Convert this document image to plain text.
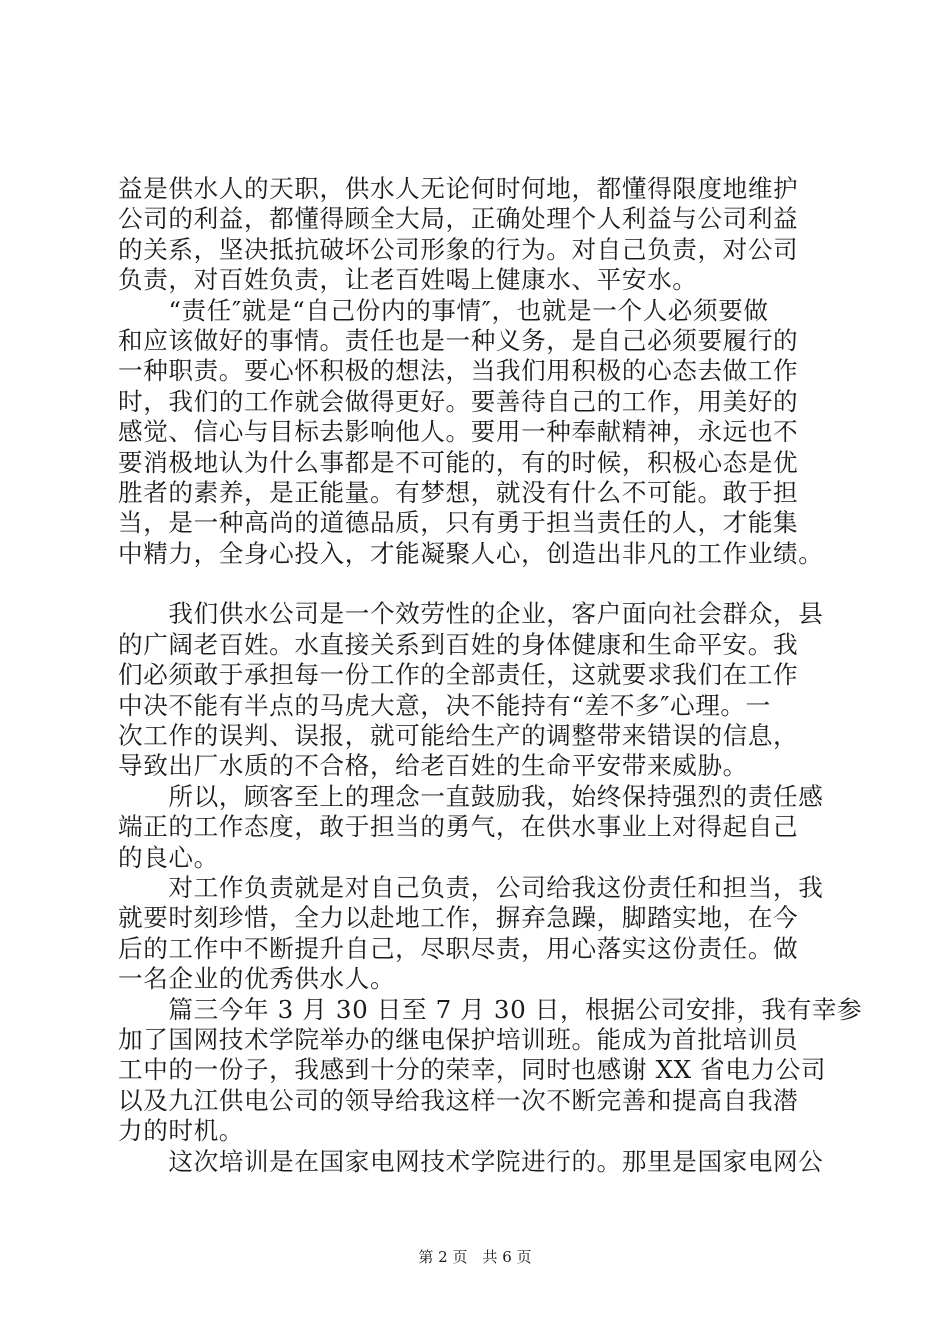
益是供水人的天职，供水人无论何时何地，都懂得限度地维护
公司的利益，都懂得顾全大局，正确处理个人利益与公司利益
的关系，坚决抵抗破坏公司形象的行为。对自己负责，对公司
负责，对百姓负责，让老百姓喝上健康水、平安水。
　　“责任″就是“自己份内的事情″，也就是一个人必须要做
和应该做好的事情。责任也是一种义务，是自己必须要履行的
一种职责。要心怀积极的想法，当我们用积极的心态去做工作
时，我们的工作就会做得更好。要善待自己的工作，用美好的
感觉、信心与目标去影响他人。要用一种奉献精神，永远也不
要消极地认为什么事都是不可能的，有的时候，积极心态是优
胜者的素养，是正能量。有梦想，就没有什么不可能。敢于担
当，是一种高尚的道德品质，只有勇于担当责任的人，才能集
中精力，全身心投入，才能凝聚人心，创造出非凡的工作业绩。
　　我们供水公司是一个效劳性的企业，客户面向社会群众，县
的广阔老百姓。水直接关系到百姓的身体健康和生命平安。我
们必须敢于承担每一份工作的全部责任，这就要求我们在工作
中决不能有半点的马虎大意，决不能持有“差不多″心理。一
次工作的误判、误报，就可能给生产的调整带来错误的信息，
导致出厂水质的不合格，给老百姓的生命平安带来威胁。
　　所以，顾客至上的理念一直鼓励我，始终保持强烈的责任感
端正的工作态度，敢于担当的勇气，在供水事业上对得起自己
的良心。
　　对工作负责就是对自己负责，公司给我这份责任和担当，我
就要时刻珍惜，全力以赴地工作，摒弃急躁，脚踏实地，在今
后的工作中不断提升自己，尽职尽责，用心落实这份责任。做
一名企业的优秀供水人。
　　篇三今年 3 月 30 日至 7 月 30 日，根据公司安排，我有幸参
加了国网技术学院举办的继电保护培训班。能成为首批培训员
工中的一份子，我感到十分的荣幸，同时也感谢 XX 省电力公司
以及九江供电公司的领导给我这样一次不断完善和提高自我潜
力的时机。
　　这次培训是在国家电网技术学院进行的。那里是国家电网公
第 2 页　共 6 页
